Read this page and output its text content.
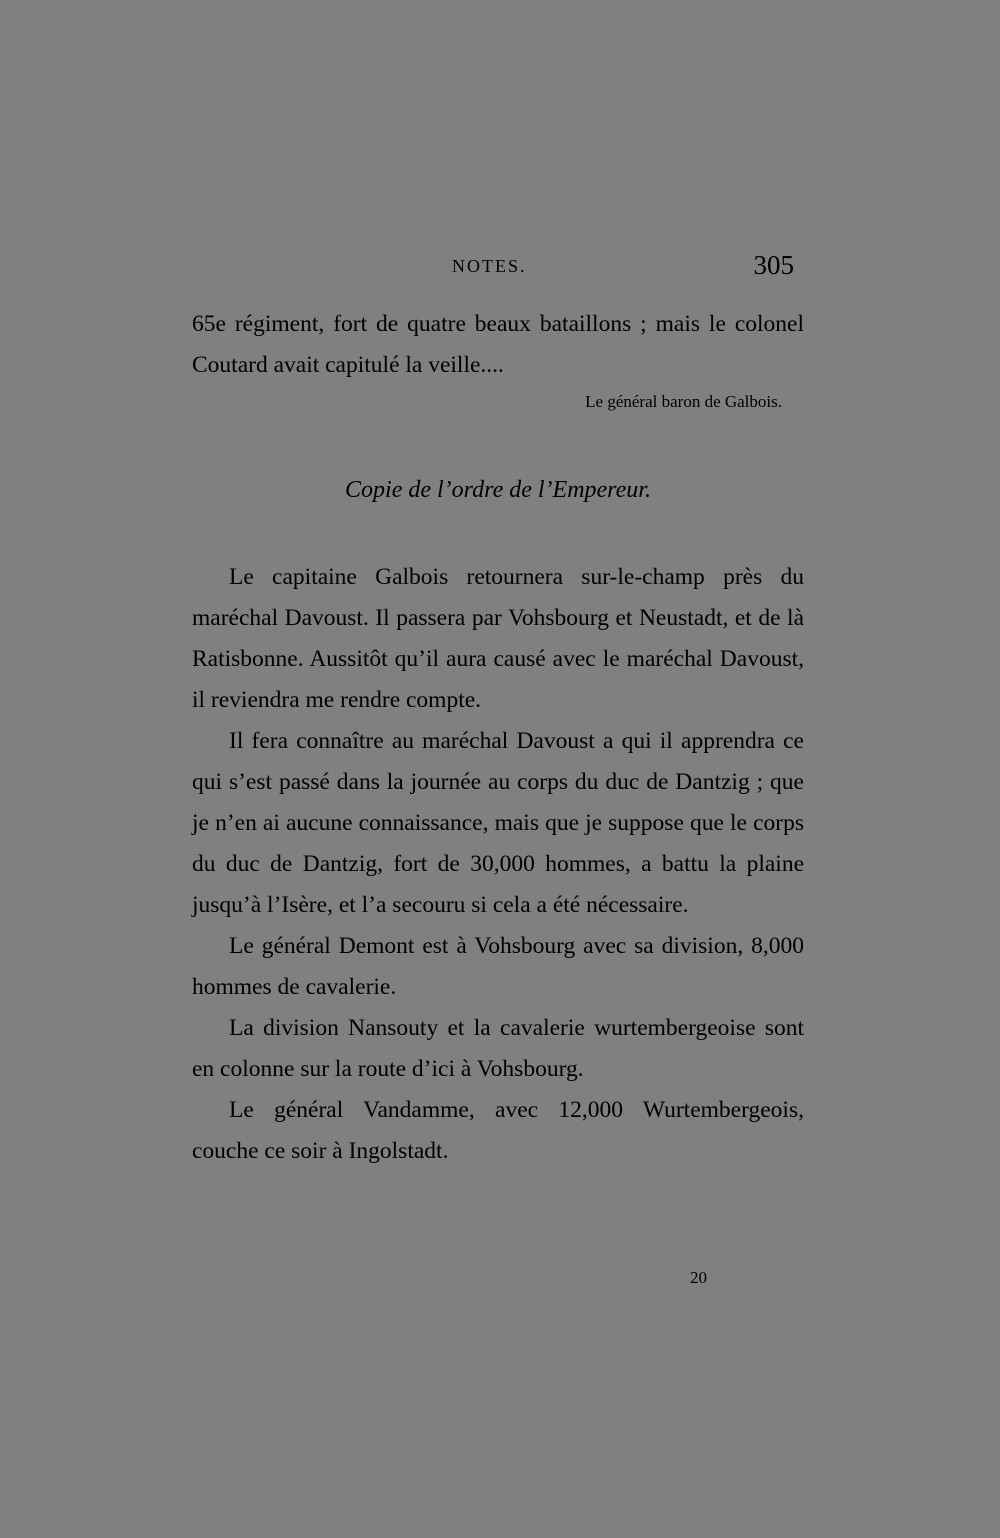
NOTES.	305

65e régiment, fort de quatre beaux bataillons ; mais le colonel Coutard avait capitulé la veille....

Le général baron de Galbois.

Copie de l’ordre de l’Empereur.

Le capitaine Galbois retournera sur-le-champ près du maréchal Davoust. Il passera par Vohsbourg et Neustadt, et de là Ratisbonne. Aussitôt qu’il aura causé avec le maréchal Davoust, il reviendra me rendre compte.

Il fera connaître au maréchal Davoust a qui il apprendra ce qui s’est passé dans la journée au corps du duc de Dantzig ; que je n’en ai aucune connaissance, mais que je suppose que le corps du duc de Dantzig, fort de 30,000 hommes, a battu la plaine jusqu’à l’Isère, et l’a secouru si cela a été nécessaire.

Le général Demont est à Vohsbourg avec sa division, 8,000 hommes de cavalerie.

La division Nansouty et la cavalerie wurtembergeoise sont en colonne sur la route d’ici à Vohsbourg.

Le général Vandamme, avec 12,000 Wurtembergeois, couche ce soir à Ingolstadt.

20
